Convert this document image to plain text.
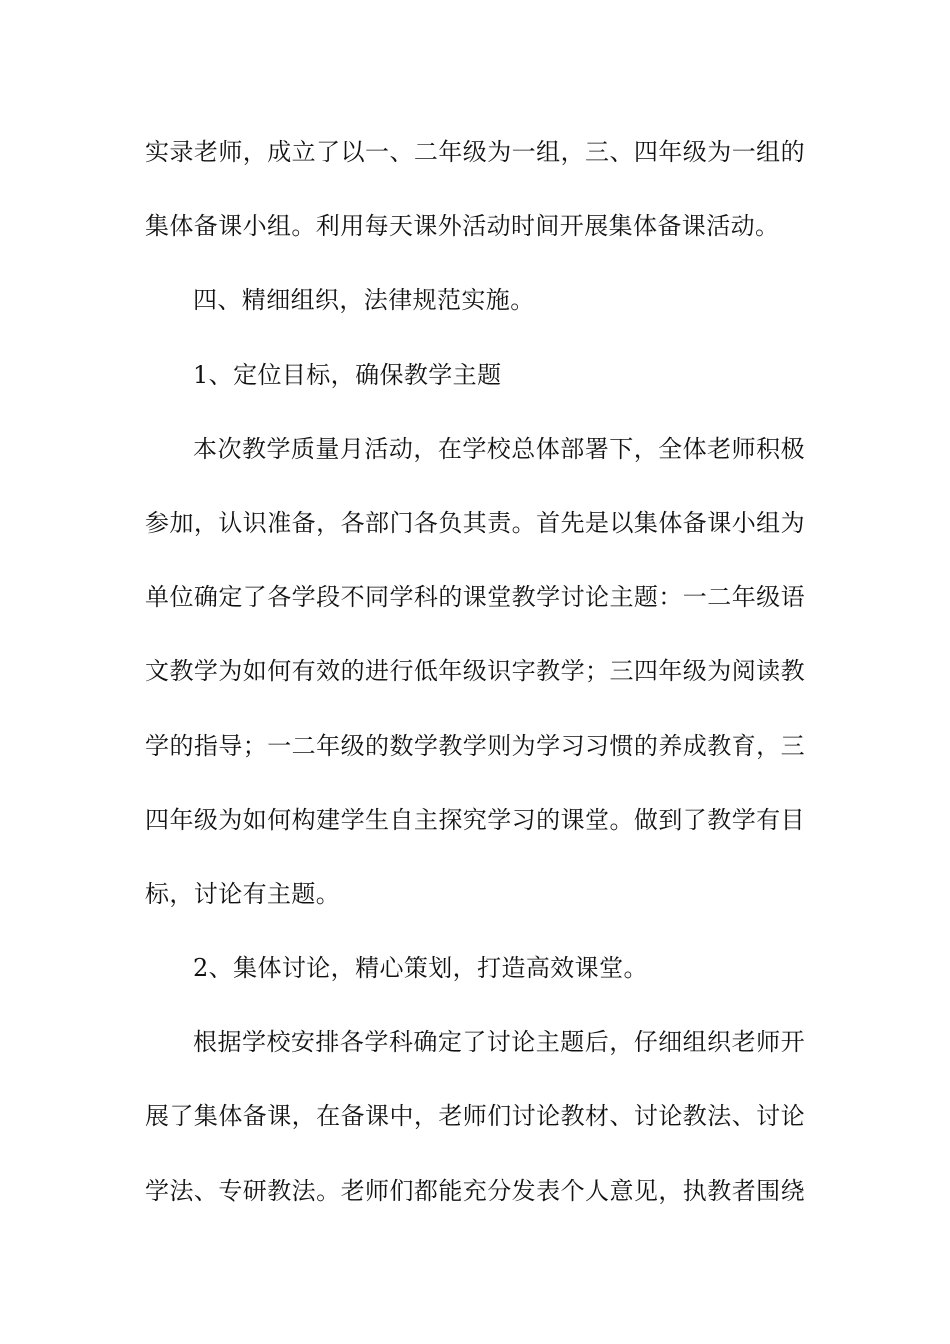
实录老师，成立了以一、二年级为一组，三、四年级为一组的
集体备课小组。利用每天课外活动时间开展集体备课活动。
四、精细组织，法律规范实施。
1、定位目标，确保教学主题
本次教学质量月活动，在学校总体部署下，全体老师积极
参加，认识准备，各部门各负其责。首先是以集体备课小组为
单位确定了各学段不同学科的课堂教学讨论主题：一二年级语
文教学为如何有效的进行低年级识字教学；三四年级为阅读教
学的指导；一二年级的数学教学则为学习习惯的养成教育，三
四年级为如何构建学生自主探究学习的课堂。做到了教学有目
标，讨论有主题。
2、集体讨论，精心策划，打造高效课堂。
根据学校安排各学科确定了讨论主题后，仔细组织老师开
展了集体备课，在备课中，老师们讨论教材、讨论教法、讨论
学法、专研教法。老师们都能充分发表个人意见，执教者围绕
